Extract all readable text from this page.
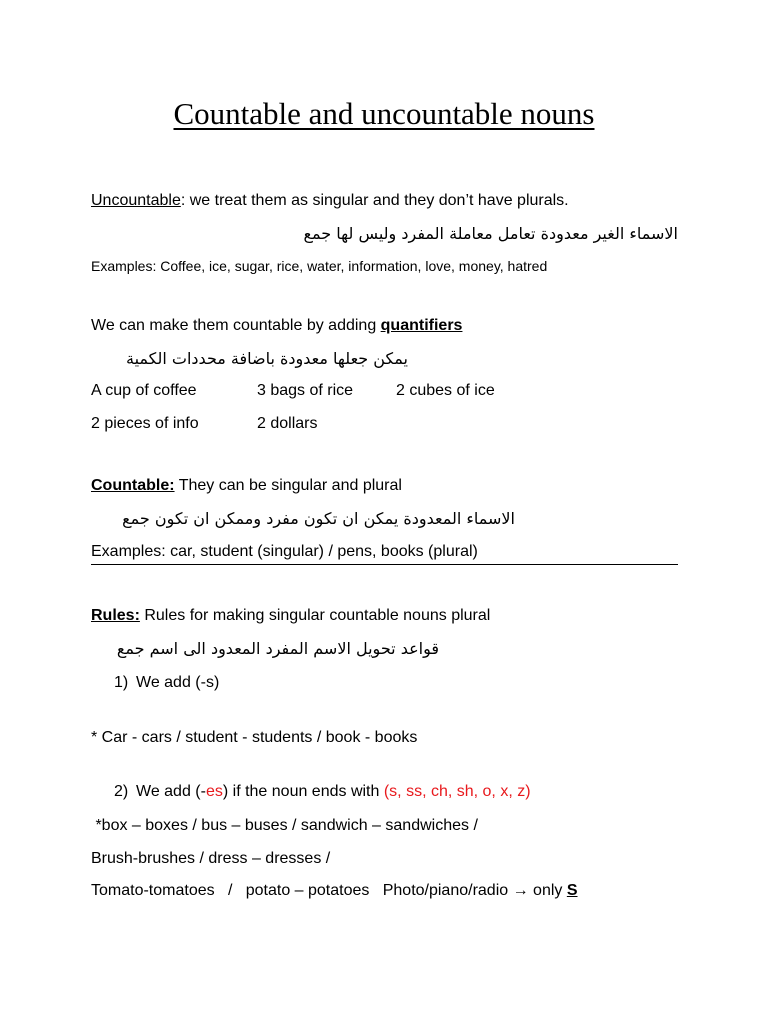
Countable and uncountable nouns
Uncountable: we treat them as singular and they don’t have plurals.
الاسماء الغير معدودة تعامل معاملة المفرد وليس لها جمع
Examples: Coffee, ice, sugar, rice, water, information, love, money, hatred
We can make them countable by adding quantifiers
يمكن جعلها معدودة باضافة محددات الكمية
A cup of coffee	3 bags of rice	2 cubes of ice
2 pieces of info	2 dollars
Countable: They can be singular and plural
الاسماء المعدودة يمكن ان تكون مفرد وممكن ان تكون جمع
Examples: car, student (singular) / pens, books (plural)
Rules: Rules for making singular countable nouns plural
قواعد تحويل الاسم المفرد المعدود الى اسم جمع
1) We add (-s)
* Car - cars / student - students / book - books
2) We add (-es) if the noun ends with (s, ss, ch, sh, o, x, z)
*box – boxes / bus – buses / sandwich – sandwiches /
Brush-brushes / dress – dresses /
Tomato-tomatoes   /   potato – potatoes   Photo/piano/radio → only S
